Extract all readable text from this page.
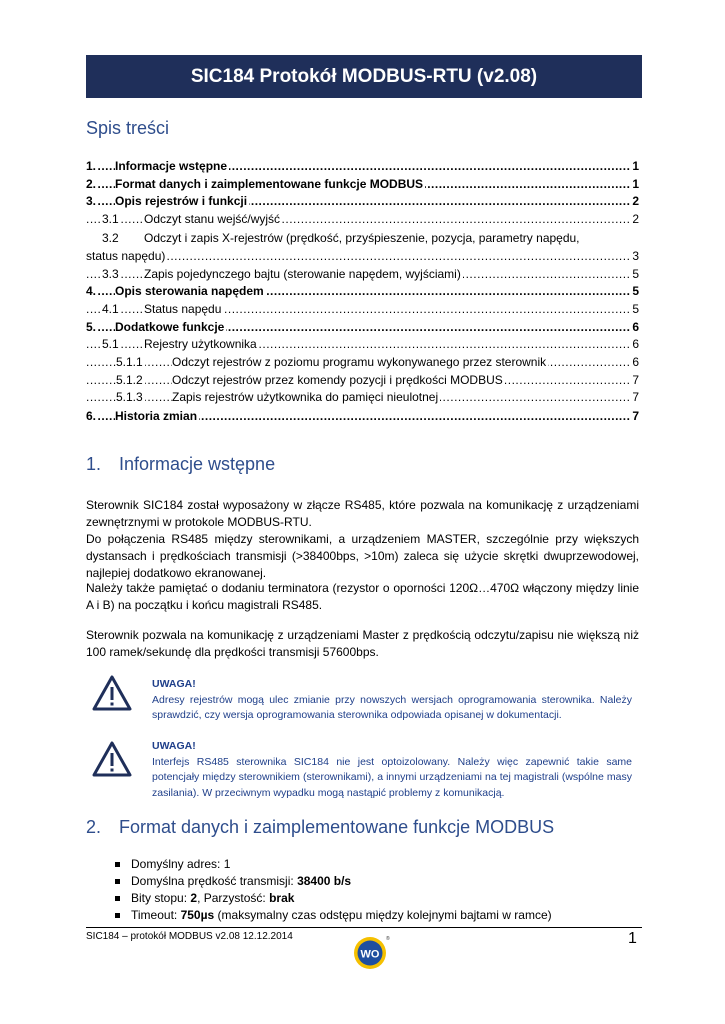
SIC184 Protokół MODBUS-RTU (v2.08)
Spis treści
.....
1. Informacje wstępne	1
.....
2. Format danych i zaimplementowane funkcje MODBUS	1
.....
3. Opis rejestrów i funkcji	2
.....
3.1 Odczyt stanu wejść/wyjść	2
3.2 Odczyt i zapis X-rejestrów (prędkość, przyśpieszenie, pozycja, parametry napędu,
.....
status napędu)	3
.....
3.3 Zapis pojedynczego bajtu (sterowanie napędem, wyjściami)	5
.....
4. Opis sterowania napędem	5
.....
4.1 Status napędu	5
.....
5. Dodatkowe funkcje	6
.....
5.1 Rejestry użytkownika	6
.....
5.1.1 Odczyt rejestrów z poziomu programu wykonywanego przez sterownik	6
.....
5.1.2 Odczyt rejestrów przez komendy pozycji i prędkości MODBUS	7
.....
5.1.3 Zapis rejestrów użytkownika do pamięci nieulotnej	7
.....
6. Historia zmian	7
1. Informacje wstępne
Sterownik SIC184 został wyposażony w złącze RS485, które pozwala na komunikację z urządzeniami zewnętrznymi w protokole MODBUS-RTU.
Do połączenia RS485 między sterownikami, a urządzeniem MASTER, szczególnie przy większych dystansach i prędkościach transmisji (>38400bps, >10m) zaleca się użycie skrętki dwuprzewodowej, najlepiej dodatkowo ekranowanej.
Należy także pamiętać o dodaniu terminatora (rezystor o oporności 120Ω…470Ω włączony między linie A i B) na początku i końcu magistrali RS485.
Sterownik pozwala na komunikację z urządzeniami Master z prędkością odczytu/zapisu nie większą niż 100 ramek/sekundę dla prędkości transmisji 57600bps.
UWAGA!
Adresy rejestrów mogą ulec zmianie przy nowszych wersjach oprogramowania sterownika. Należy sprawdzić, czy wersja oprogramowania sterownika odpowiada opisanej w dokumentacji.
UWAGA!
Interfejs RS485 sterownika SIC184 nie jest optoizolowany. Należy więc zapewnić takie same potencjały między sterownikiem (sterownikami), a innymi urządzeniami na tej magistrali (wspólne masy zasilania). W przeciwnym wypadku mogą nastąpić problemy z komunikacją.
2. Format danych i zaimplementowane funkcje MODBUS
Domyślny adres: 1
Domyślna prędkość transmisji: 38400 b/s
Bity stopu: 2, Parzystość: brak
Timeout: 750µs (maksymalny czas odstępu między kolejnymi bajtami w ramce)
SIC184 – protokół MODBUS v2.08 12.12.2014
WO
®	1
